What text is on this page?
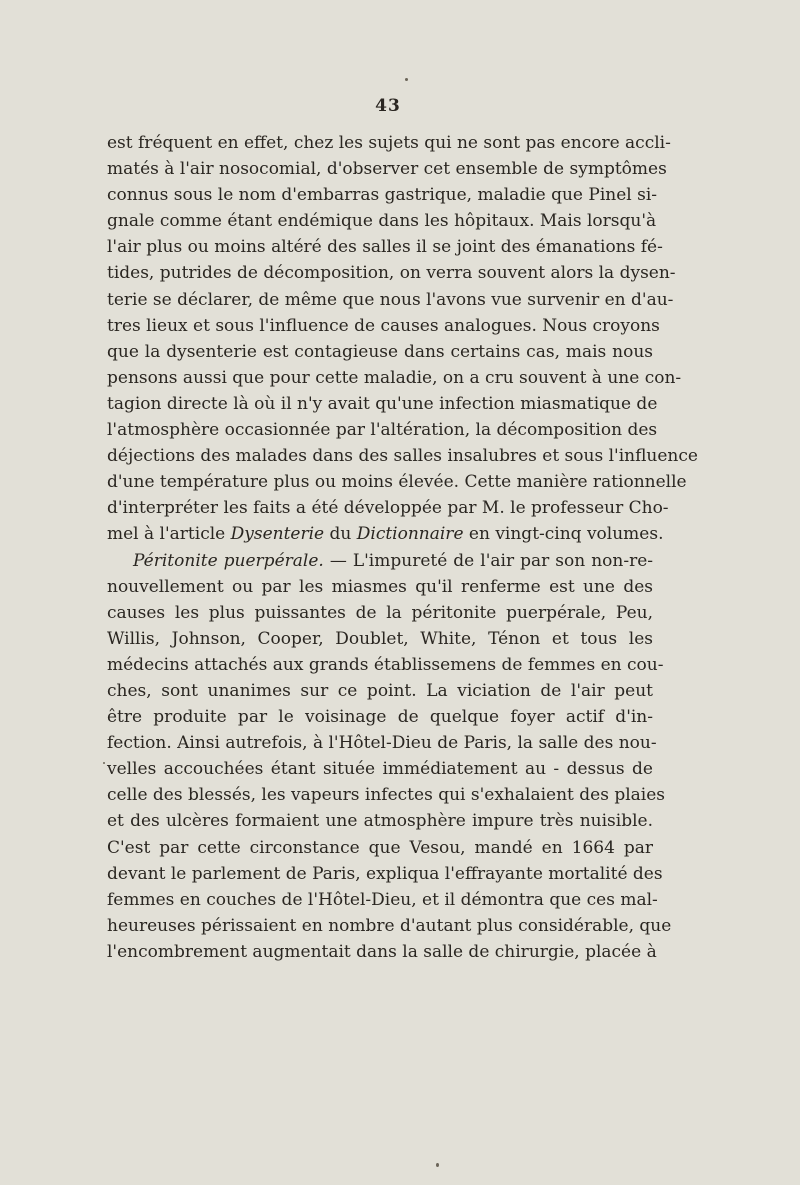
43
est fréquent en effet, chez les sujets qui ne sont pas encore accli-
matés à l'air nosocomial, d'observer cet ensemble de symptômes
connus sous le nom d'embarras gastrique, maladie que Pinel si-
gnale comme étant endémique dans les hôpitaux. Mais lorsqu'à
l'air plus ou moins altéré des salles il se joint des émanations fé-
tides, putrides de décomposition, on verra souvent alors la dysen-
terie se déclarer, de même que nous l'avons vue survenir en d'au-
tres lieux et sous l'influence de causes analogues. Nous croyons
que la dysenterie est contagieuse dans certains cas, mais nous
pensons aussi que pour cette maladie, on a cru souvent à une con-
tagion directe là où il n'y avait qu'une infection miasmatique de
l'atmosphère occasionnée par l'altération, la décomposition des
déjections des malades dans des salles insalubres et sous l'influence
d'une température plus ou moins élevée. Cette manière rationnelle
d'interpréter les faits a été développée par M. le professeur Cho-
mel à l'article Dysenterie du Dictionnaire en vingt-cinq volumes.
Péritonite puerpérale. — L'impureté de l'air par son non-re-
nouvellement ou par les miasmes qu'il renferme est une des
causes les plus puissantes de la péritonite puerpérale, Peu,
Willis, Johnson, Cooper, Doublet, White, Ténon et tous les
médecins attachés aux grands établissemens de femmes en cou-
ches, sont unanimes sur ce point. La viciation de l'air peut
être produite par le voisinage de quelque foyer actif d'in-
fection. Ainsi autrefois, à l'Hôtel-Dieu de Paris, la salle des nou-
velles accouchées étant située immédiatement au - dessus de
celle des blessés, les vapeurs infectes qui s'exhalaient des plaies
et des ulcères formaient une atmosphère impure très nuisible.
C'est par cette circonstance que Vesou, mandé en 1664 par
devant le parlement de Paris, expliqua l'effrayante mortalité des
femmes en couches de l'Hôtel-Dieu, et il démontra que ces mal-
heureuses périssaient en nombre d'autant plus considérable, que
l'encombrement augmentait dans la salle de chirurgie, placée à
